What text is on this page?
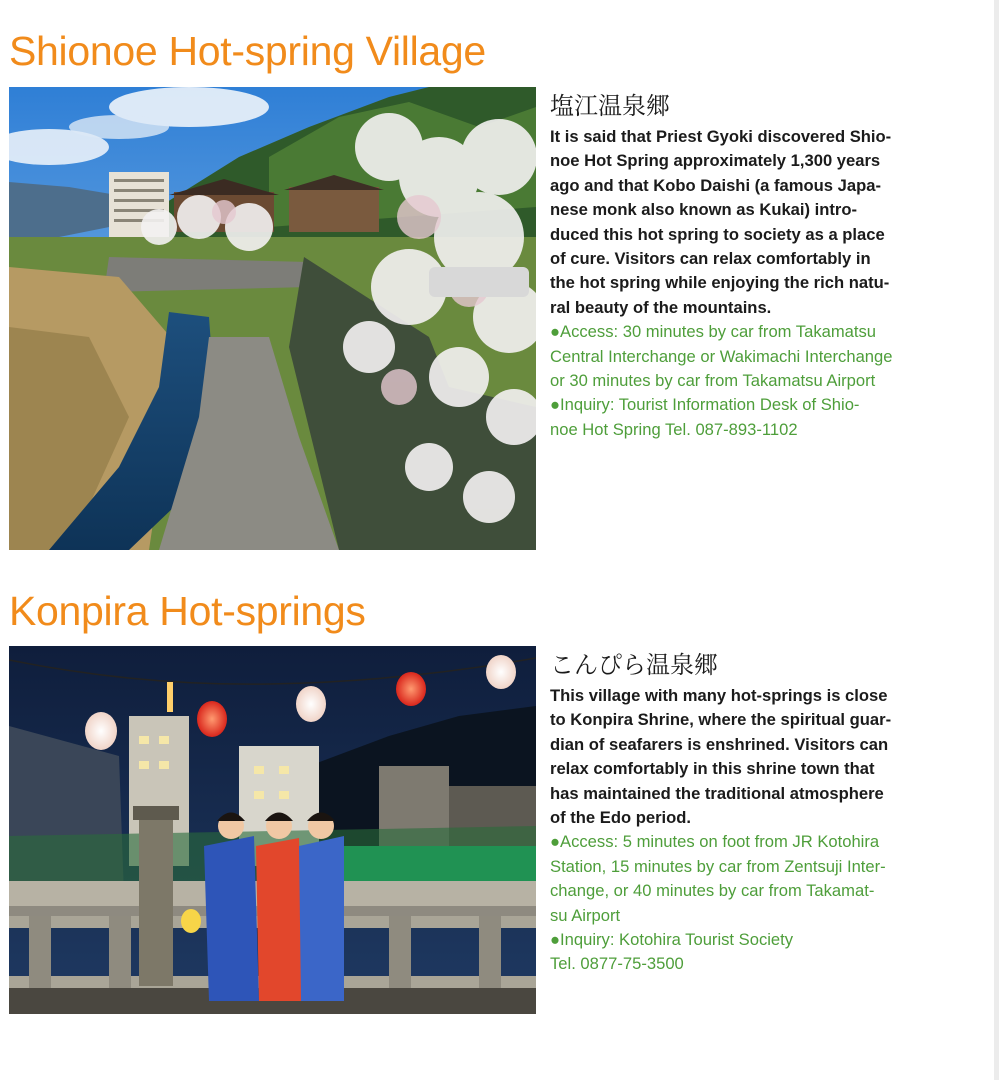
Shionoe Hot-spring Village
塩江温泉郷

It is said that Priest Gyoki discovered Shio-
noe Hot Spring approximately 1,300 years
ago and that Kobo Daishi (a famous Japa-
nese monk also known as Kukai) intro-
duced this hot spring to society as a place
of cure. Visitors can relax comfortably in
the hot spring while enjoying the rich natu-
ral beauty of the mountains.

●Access: 30 minutes by car from Takamatsu
Central Interchange or Wakimachi Interchange
or 30 minutes by car from Takamatsu Airport
●Inquiry: Tourist Information Desk of Shio-
noe Hot Spring Tel. 087-893-1102

Konpira Hot-springs
こんぴら温泉郷

This village with many hot-springs is close
to Konpira Shrine, where the spiritual guar-
dian of seafarers is enshrined. Visitors can
relax comfortably in this shrine town that
has maintained the traditional atmosphere
of the Edo period.

●Access: 5 minutes on foot from JR Kotohira
Station, 15 minutes by car from Zentsuji Inter-
change, or 40 minutes by car from Takamat-
su Airport
●Inquiry: Kotohira Tourist Society
Tel. 0877-75-3500
